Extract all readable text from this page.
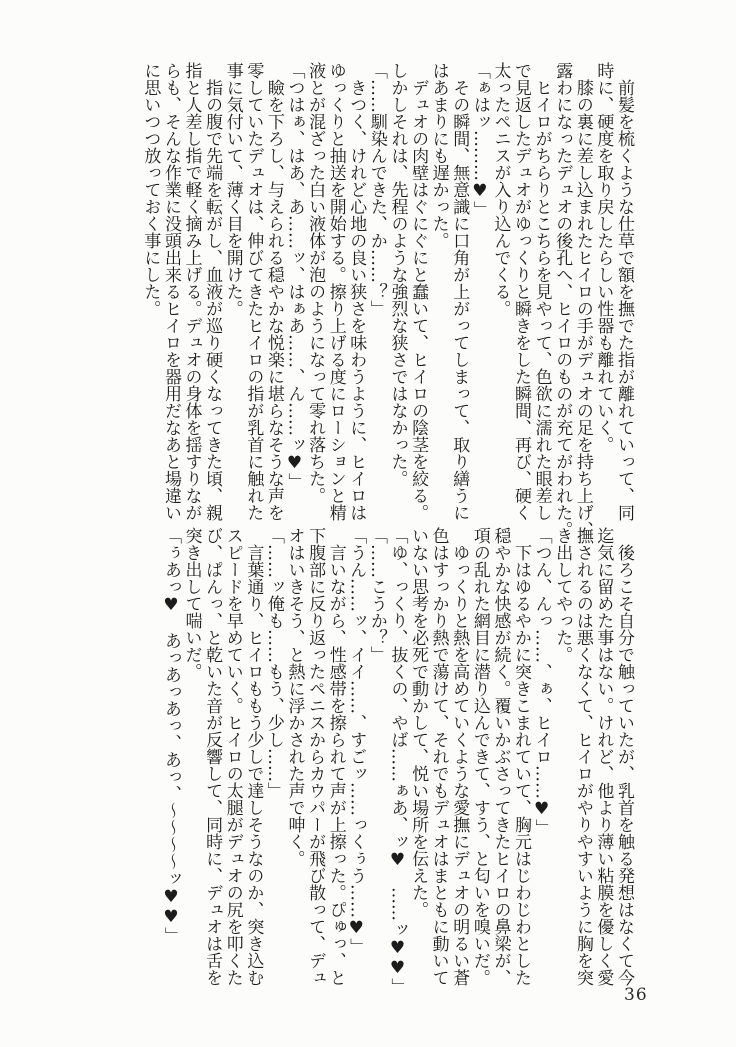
　前髪を梳くような仕草で額を撫でた指が離れていって、同
時に、硬度を取り戻したらしい性器も離れていく。
　膝の裏に差し込まれたヒイロの手がデュオの足を持ち上げ、
露わになったデュオの後孔へ、ヒイロのものが充てがわれた。
　ヒイロがちらりとこちらを見やって、色欲に濡れた眼差し
で見返したデュオがゆっくりと瞬きをした瞬間、再び、硬く
太ったペニスが入り込んでくる。
「ぁはッ………♥」
　その瞬間、無意識に口角が上がってしまって、取り繕うに
はあまりにも遅かった。
　デュオの肉壁はぐにぐにと蠢いて、ヒイロの陰茎を絞る。
しかしそれは、先程のような強烈な狭さではなかった。
「……馴染んできた、か……？」
　きつく、けれど心地の良い狭さを味わうように、ヒイロは
ゆっくりと抽送を開始する。擦り上げる度にローションと精
液とが混ざった白い液体が泡のようになって零れ落ちた。
「つはぁ、はあ、あ……ッ、はぁあ……、ん……ッ♥」
　瞼を下ろし、与えられる穏やかな悦楽に堪らなそうな声を
零していたデュオは、伸びてきたヒイロの指が乳首に触れた
事に気付いて、薄く目を開けた。
　指の腹で先端を転がし、血液が巡り硬くなってきた頃、親
指と人差し指で軽く摘み上げる。デュオの身体を揺すりなが
らも、そんな作業に没頭出来るヒイロを器用だなあと場違い
に思いつつ放っておく事にした。
　後ろこそ自分で触っていたが、乳首を触る発想はなくて今
迄気に留めた事はない。けれど、他より薄い粘膜を優しく愛
撫されるのは悪くなくて、ヒイロがやりやすいように胸を突
き出してやった。
「つん、んっ……、ぁ、ヒイロ……♥」
　下はゆるやかに突きこまれていて、胸元はじわじわとした
穏やかな快感が続く。覆いかぶさってきたヒイロの鼻梁が、
項の乱れた網目に潜り込んできて、すう、と匂いを嗅いだ。
　ゆっくりと熱を高めていくような愛撫にデュオの明るい蒼
色はすっかり熱で蕩けて、それでもデュオはまともに動いて
いない思考を必死で動かして、悦い場所を伝えた。
「ゆ、っくり、抜くの、やば……ぁあ、ッ♥　……ッ♥♥」
「……こうか？」
「うん……ッ、イイ……、すごッ……っくぅう……♥」
　言いながら、性感帯を擦られて声が上擦った。ぴゅっ、と
下腹部に反り返ったペニスからカウパーが飛び散って、デュ
オはいきそう、と熱に浮かされた声で呻く。
「……ッ俺も……もう、少し……」
　言葉通り、ヒイロももう少しで達しそうなのか、突き込む
スピードを早めていく。ヒイロの太腿がデュオの尻を叩くた
び、ぱんっ、と乾いた音が反響して、同時に、デュオは舌を
突き出して喘いだ。
「ぅあっ♥　あっあっあっ、あっ、～～～～ッ♥♥」
36
